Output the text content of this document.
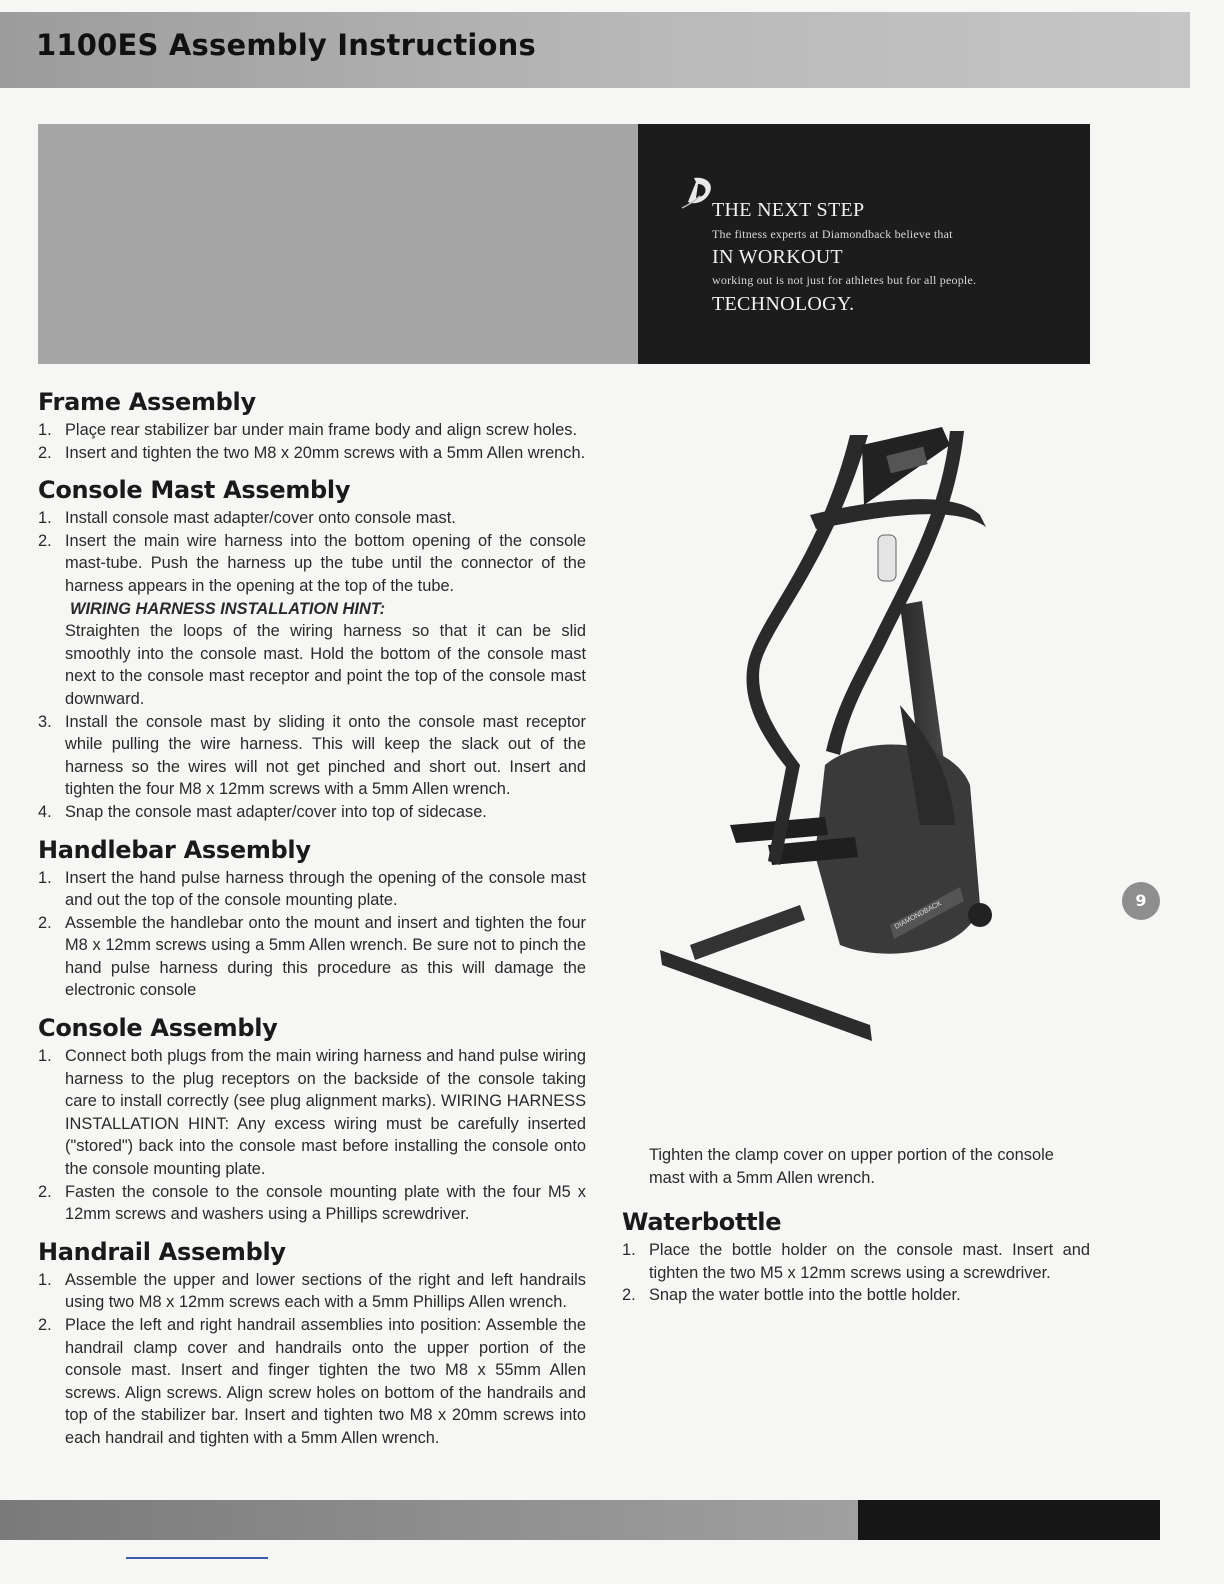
1100ES Assembly Instructions
THE NEXT STEP
The fitness experts at Diamondback believe that
IN WORKOUT
working out is not just for athletes but for all people.
TECHNOLOGY.
Frame Assembly
1. Plaçe rear stabilizer bar under main frame body and align screw holes.
2. Insert and tighten the two M8 x 20mm screws with a 5mm Allen wrench.
Console Mast Assembly
1. Install console mast adapter/cover onto console mast.
2. Insert the main wire harness into the bottom opening of the console mast-tube. Push the harness up the tube until the connector of the harness appears in the opening at the top of the tube.
WIRING HARNESS INSTALLATION HINT:
Straighten the loops of the wiring harness so that it can be slid smoothly into the console mast. Hold the bottom of the console mast next to the console mast receptor and point the top of the console mast downward.
3. Install the console mast by sliding it onto the console mast receptor while pulling the wire harness. This will keep the slack out of the harness so the wires will not get pinched and short out. Insert and tighten the four M8 x 12mm screws with a 5mm Allen wrench.
4. Snap the console mast adapter/cover into top of sidecase.
Handlebar Assembly
1. Insert the hand pulse harness through the opening of the console mast and out the top of the console mounting plate.
2. Assemble the handlebar onto the mount and insert and tighten the four M8 x 12mm screws using a 5mm Allen wrench. Be sure not to pinch the hand pulse harness during this procedure as this will damage the electronic console
Console Assembly
1. Connect both plugs from the main wiring harness and hand pulse wiring harness to the plug receptors on the backside of the console taking care to install correctly (see plug alignment marks). WIRING HARNESS INSTALLATION HINT: Any excess wiring must be carefully inserted ("stored") back into the console mast before installing the console onto the console mounting plate.
2. Fasten the console to the console mounting plate with the four M5 x 12mm screws and washers using a Phillips screwdriver.
Handrail Assembly
1. Assemble the upper and lower sections of the right and left handrails using two M8 x 12mm screws each with a 5mm Phillips Allen wrench.
2. Place the left and right handrail assemblies into position: Assemble the handrail clamp cover and handrails onto the upper portion of the console mast. Insert and finger tighten the two M8 x 55mm Allen screws. Align screws. Align screw holes on bottom of the handrails and top of the stabilizer bar. Insert and tighten two M8 x 20mm screws into each handrail and tighten with a 5mm Allen wrench.
DIAMONDBACK	9

Tighten the clamp cover on upper portion of the console mast with a 5mm Allen wrench.

Waterbottle
1. Place the bottle holder on the console mast. Insert and tighten the two M5 x 12mm screws using a screwdriver.
2. Snap the water bottle into the bottle holder.
